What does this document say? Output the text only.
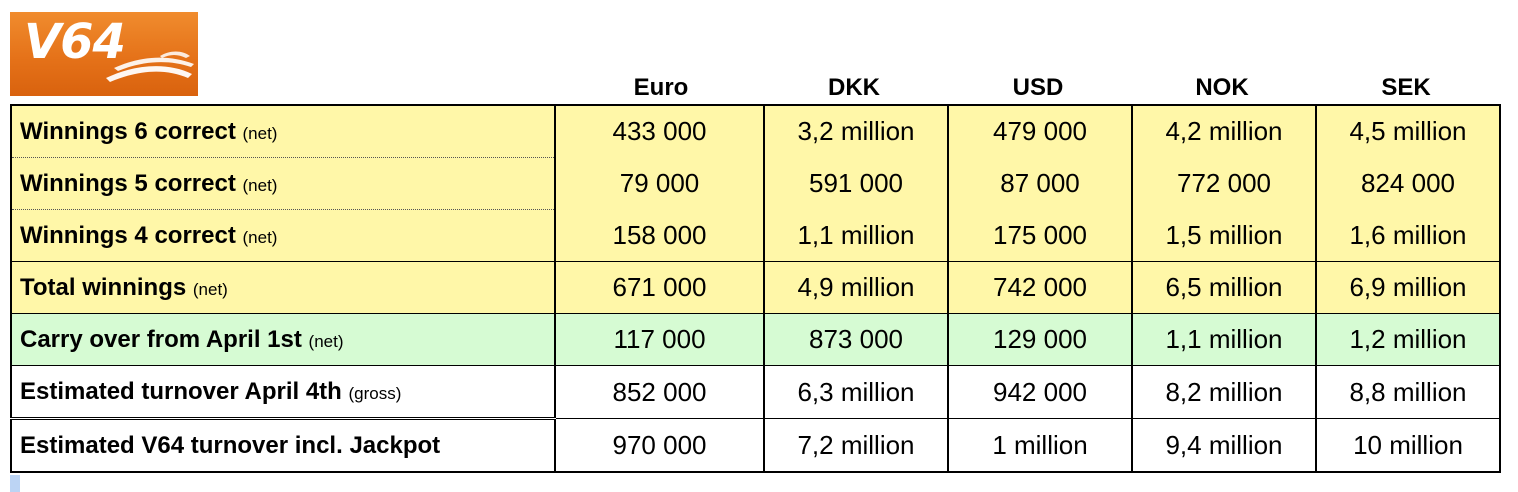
V64
Euro	DKK	USD	NOK	SEK
Winnings 6 correct (net)	433 000	3,2 million	479 000	4,2 million	4,5 million
Winnings 5 correct (net)	79 000	591 000	87 000	772 000	824 000
Winnings 4 correct (net)	158 000	1,1 million	175 000	1,5 million	1,6 million
Total winnings (net)	671 000	4,9 million	742 000	6,5 million	6,9 million
Carry over from April 1st (net)	117 000	873 000	129 000	1,1 million	1,2 million
Estimated turnover April 4th (gross)	852 000	6,3 million	942 000	8,2 million	8,8 million
Estimated V64 turnover incl. Jackpot	970 000	7,2 million	1 million	9,4 million	10 million
